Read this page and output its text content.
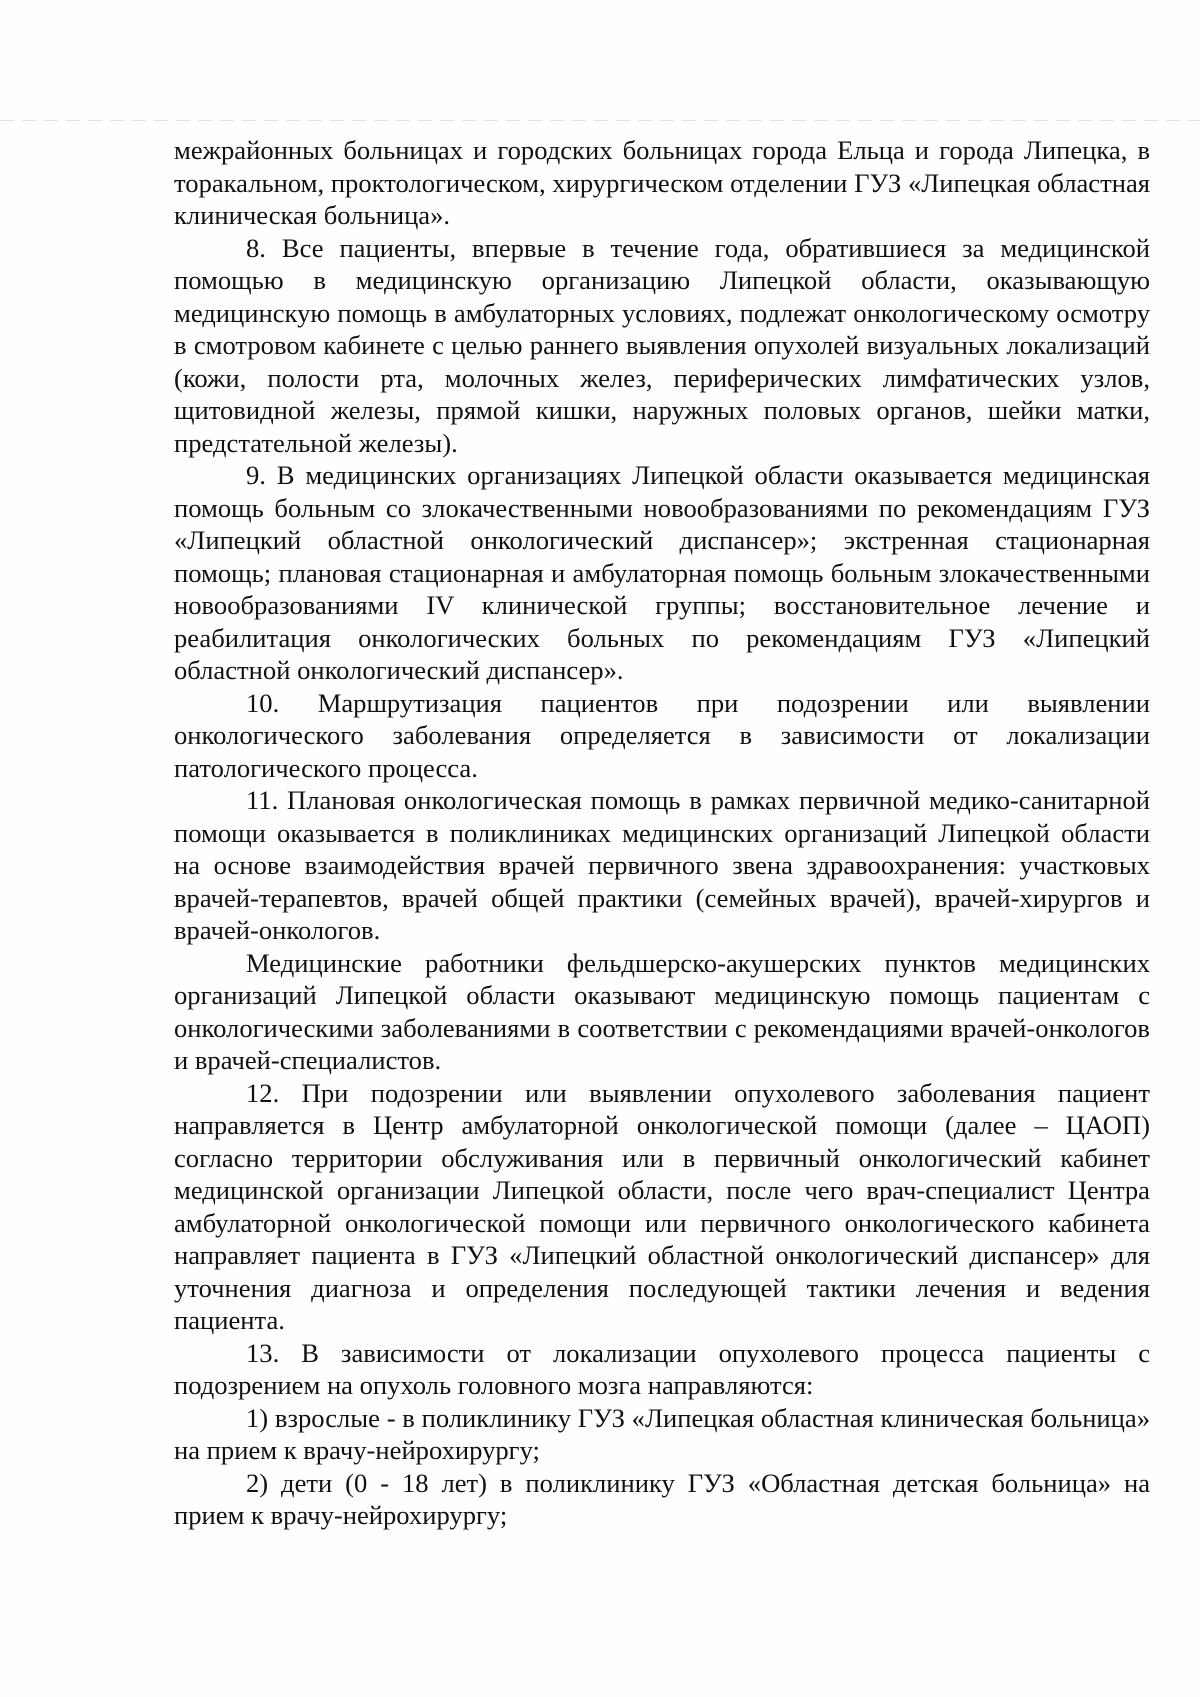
межрайонных больницах и городских больницах города Ельца и города Липецка, в торакальном, проктологическом, хирургическом отделении ГУЗ «Липецкая областная клиническая больница».

8. Все пациенты, впервые в течение года, обратившиеся за медицинской помощью в медицинскую организацию Липецкой области, оказывающую медицинскую помощь в амбулаторных условиях, подлежат онкологическому осмотру в смотровом кабинете с целью раннего выявления опухолей визуальных локализаций (кожи, полости рта, молочных желез, периферических лимфатических узлов, щитовидной железы, прямой кишки, наружных половых органов, шейки матки, предстательной железы).

9. В медицинских организациях Липецкой области оказывается медицинская помощь больным со злокачественными новообразованиями по рекомендациям ГУЗ «Липецкий областной онкологический диспансер»; экстренная стационарная помощь; плановая стационарная и амбулаторная помощь больным злокачественными новообразованиями IV клинической группы; восстановительное лечение и реабилитация онкологических больных по рекомендациям ГУЗ «Липецкий областной онкологический диспансер».

10. Маршрутизация пациентов при подозрении или выявлении онкологического заболевания определяется в зависимости от локализации патологического процесса.

11. Плановая онкологическая помощь в рамках первичной медико-санитарной помощи оказывается в поликлиниках медицинских организаций Липецкой области на основе взаимодействия врачей первичного звена здравоохранения: участковых врачей-терапевтов, врачей общей практики (семейных врачей), врачей-хирургов и врачей-онкологов.

Медицинские работники фельдшерско-акушерских пунктов медицинских организаций Липецкой области оказывают медицинскую помощь пациентам с онкологическими заболеваниями в соответствии с рекомендациями врачей-онкологов и врачей-специалистов.

12. При подозрении или выявлении опухолевого заболевания пациент направляется в Центр амбулаторной онкологической помощи (далее – ЦАОП) согласно территории обслуживания или в первичный онкологический кабинет медицинской организации Липецкой области, после чего врач-специалист Центра амбулаторной онкологической помощи или первичного онкологического кабинета направляет пациента в ГУЗ «Липецкий областной онкологический диспансер» для уточнения диагноза и определения последующей тактики лечения и ведения пациента.

13. В зависимости от локализации опухолевого процесса пациенты с подозрением на опухоль головного мозга направляются:

1) взрослые - в поликлинику ГУЗ «Липецкая областная клиническая больница» на прием к врачу-нейрохирургу;

2) дети (0 - 18 лет) в поликлинику ГУЗ «Областная детская больница» на прием к врачу-нейрохирургу;
